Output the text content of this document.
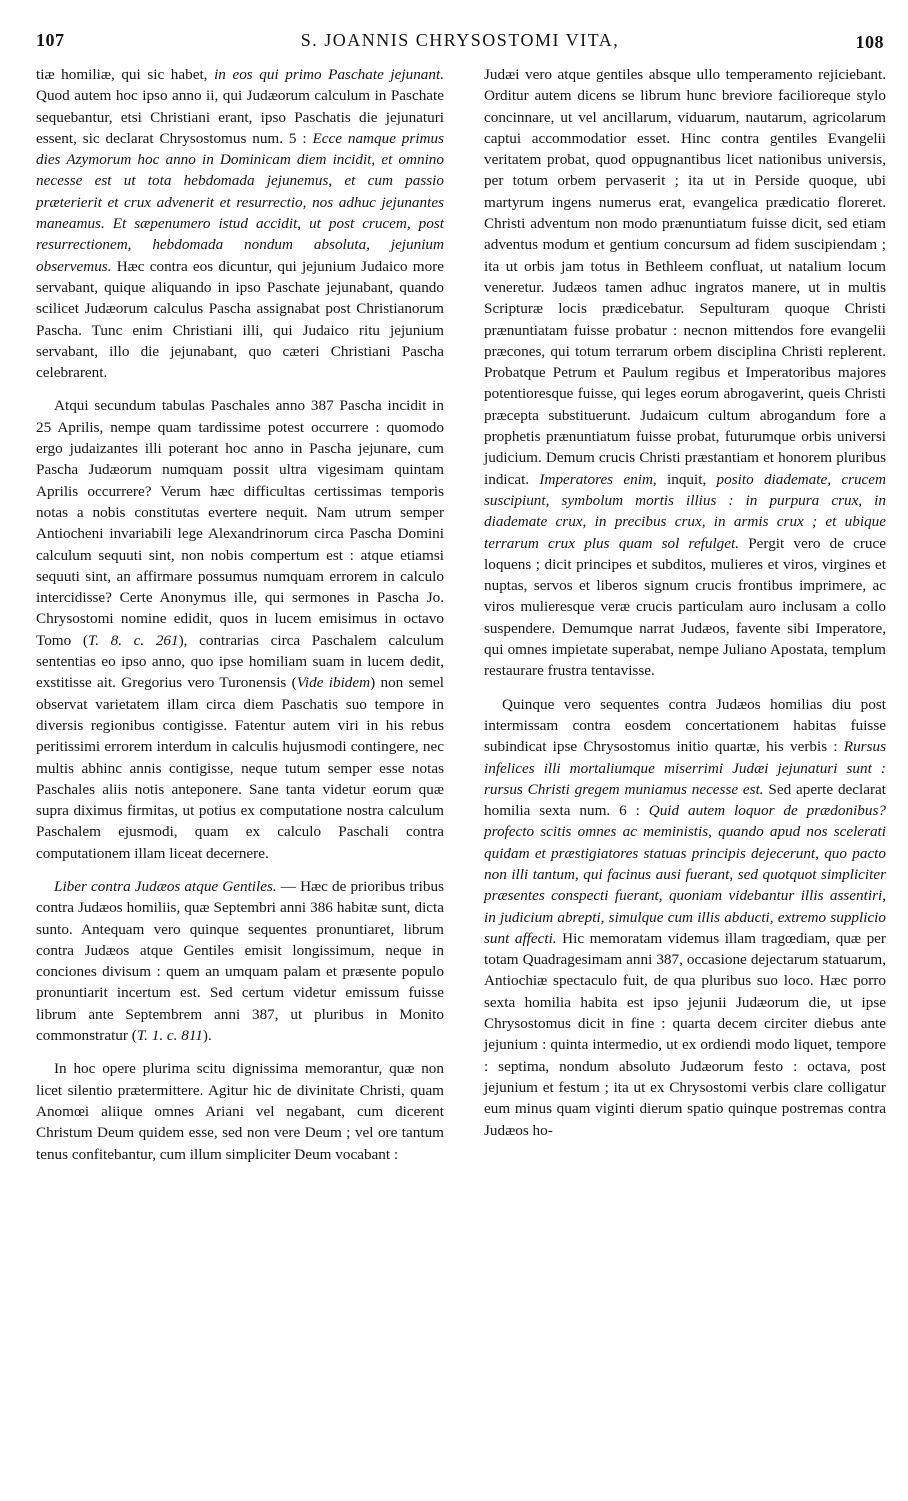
107	S. JOANNIS CHRYSOSTOMI VITA,	108

tiæ homiliæ, qui sic habet, in eos qui primo Paschate jejunant. Quod autem hoc ipso anno ii, qui Judæorum calculum in Paschate sequebantur, etsi Christiani erant, ipso Paschatis die jejunaturi essent, sic declarat Chrysostomus num. 5 : Ecce namque primus dies Azymorum hoc anno in Dominicam diem incidit, et omnino necesse est ut tota hebdomada jejunemus, et cum passio præterierit et crux advenerit et resurrectio, nos adhuc jejunantes maneamus. Et sæpenumero istud accidit, ut post crucem, post resurrectionem, hebdomada nondum absoluta, jejunium observemus. Hæc contra eos dicuntur, qui jejunium Judaico more servabant, quique aliquando in ipso Paschate jejunabant, quando scilicet Judæorum calculus Pascha assignabat post Christianorum Pascha. Tunc enim Christiani illi, qui Judaico ritu jejunium servabant, illo die jejunabant, quo cæteri Christiani Pascha celebrarent.

Atqui secundum tabulas Paschales anno 387 Pascha incidit in 25 Aprilis, nempe quam tardissime potest occurrere : quomodo ergo judaizantes illi poterant hoc anno in Pascha jejunare, cum Pascha Judæorum numquam possit ultra vigesimam quintam Aprilis occurrere? Verum hæc difficultas certissimas temporis notas a nobis constitutas evertere nequit. Nam utrum semper Antiocheni invariabili lege Alexandrinorum circa Pascha Domini calculum sequuti sint, non nobis compertum est : atque etiamsi sequuti sint, an affirmare possumus numquam errorem in calculo intercidisse? Certe Anonymus ille, qui sermones in Pascha Jo. Chrysostomi nomine edidit, quos in lucem emisimus in octavo Tomo (T. 8. c. 261), contrarias circa Paschalem calculum sententias eo ipso anno, quo ipse homiliam suam in lucem dedit, exstitisse ait. Gregorius vero Turonensis (Vide ibidem) non semel observat varietatem illam circa diem Paschatis suo tempore in diversis regionibus contigisse. Fatentur autem viri in his rebus peritissimi errorem interdum in calculis hujusmodi contingere, nec multis abhinc annis contigisse, neque tutum semper esse notas Paschales aliis notis anteponere. Sane tanta videtur eorum quæ supra diximus firmitas, ut potius ex computatione nostra calculum Paschalem ejusmodi, quam ex calculo Paschali contra computationem illam liceat decernere.

Liber contra Judæos atque Gentiles. — Hæc de prioribus tribus contra Judæos homiliis, quæ Septembri anni 386 habitæ sunt, dicta sunto. Antequam vero quinque sequentes pronuntiaret, librum contra Judæos atque Gentiles emisit longissimum, neque in conciones divisum : quem an umquam palam et præsente populo pronuntiarit incertum est. Sed certum videtur emissum fuisse librum ante Septembrem anni 387, ut pluribus in Monito commonstratur (T. 1. c. 811).

In hoc opere plurima scitu dignissima memorantur, quæ non licet silentio prætermittere. Agitur hic de divinitate Christi, quam Anomœi aliique omnes Ariani vel negabant, cum dicerent Christum Deum quidem esse, sed non vere Deum ; vel ore tantum tenus confitebantur, cum illum simpliciter Deum vocabant :

Judæi vero atque gentiles absque ullo temperamento rejiciebant. Orditur autem dicens se librum hunc breviore facilioreque stylo concinnare, ut vel ancillarum, viduarum, nautarum, agricolarum captui accommodatior esset. Hinc contra gentiles Evangelii veritatem probat, quod oppugnantibus licet nationibus universis, per totum orbem pervaserit ; ita ut in Perside quoque, ubi martyrum ingens numerus erat, evangelica prædicatio floreret. Christi adventum non modo prænuntiatum fuisse dicit, sed etiam adventus modum et gentium concursum ad fidem suscipiendam ; ita ut orbis jam totus in Bethleem confluat, ut natalium locum veneretur. Judæos tamen adhuc ingratos manere, ut in multis Scripturæ locis prædicebatur. Sepulturam quoque Christi prænuntiatam fuisse probatur : necnon mittendos fore evangelii præcones, qui totum terrarum orbem disciplina Christi replerent. Probatque Petrum et Paulum regibus et Imperatoribus majores potentioresque fuisse, qui leges eorum abrogaverint, queis Christi præcepta substituerunt. Judaicum cultum abrogandum fore a prophetis prænuntiatum fuisse probat, futurumque orbis universi judicium. Demum crucis Christi præstantiam et honorem pluribus indicat. Imperatores enim, inquit, posito diademate, crucem suscipiunt, symbolum mortis illius : in purpura crux, in diademate crux, in precibus crux, in armis crux ; et ubique terrarum crux plus quam sol refulget. Pergit vero de cruce loquens ; dicit principes et subditos, mulieres et viros, virgines et nuptas, servos et liberos signum crucis frontibus imprimere, ac viros mulieresque veræ crucis particulam auro inclusam a collo suspendere. Demumque narrat Judæos, favente sibi Imperatore, qui omnes impietate superabat, nempe Juliano Apostata, templum restaurare frustra tentavisse.

Quinque vero sequentes contra Judæos homilias diu post intermissam contra eosdem concertationem habitas fuisse subindicat ipse Chrysostomus initio quartæ, his verbis : Rursus infelices illi mortaliumque miserrimi Judæi jejunaturi sunt : rursus Christi gregem muniamus necesse est. Sed aperte declarat homilia sexta num. 6 : Quid autem loquor de prædonibus? profecto scitis omnes ac meministis, quando apud nos scelerati quidam et præstigiatores statuas principis dejecerunt, quo pacto non illi tantum, qui facinus ausi fuerant, sed quotquot simpliciter præsentes conspecti fuerant, quoniam videbantur illis assentiri, in judicium abrepti, simulque cum illis abducti, extremo supplicio sunt affecti. Hic memoratam videmus illam tragœdiam, quæ per totam Quadragesimam anni 387, occasione dejectarum statuarum, Antiochiæ spectaculo fuit, de qua pluribus suo loco. Hæc porro sexta homilia habita est ipso jejunii Judæorum die, ut ipse Chrysostomus dicit in fine : quarta decem circiter diebus ante jejunium : quinta intermedio, ut ex ordiendi modo liquet, tempore : septima, nondum absoluto Judæorum festo : octava, post jejunium et festum ; ita ut ex Chrysostomi verbis clare colligatur eum minus quam viginti dierum spatio quinque postremas contra Judæos ho-
